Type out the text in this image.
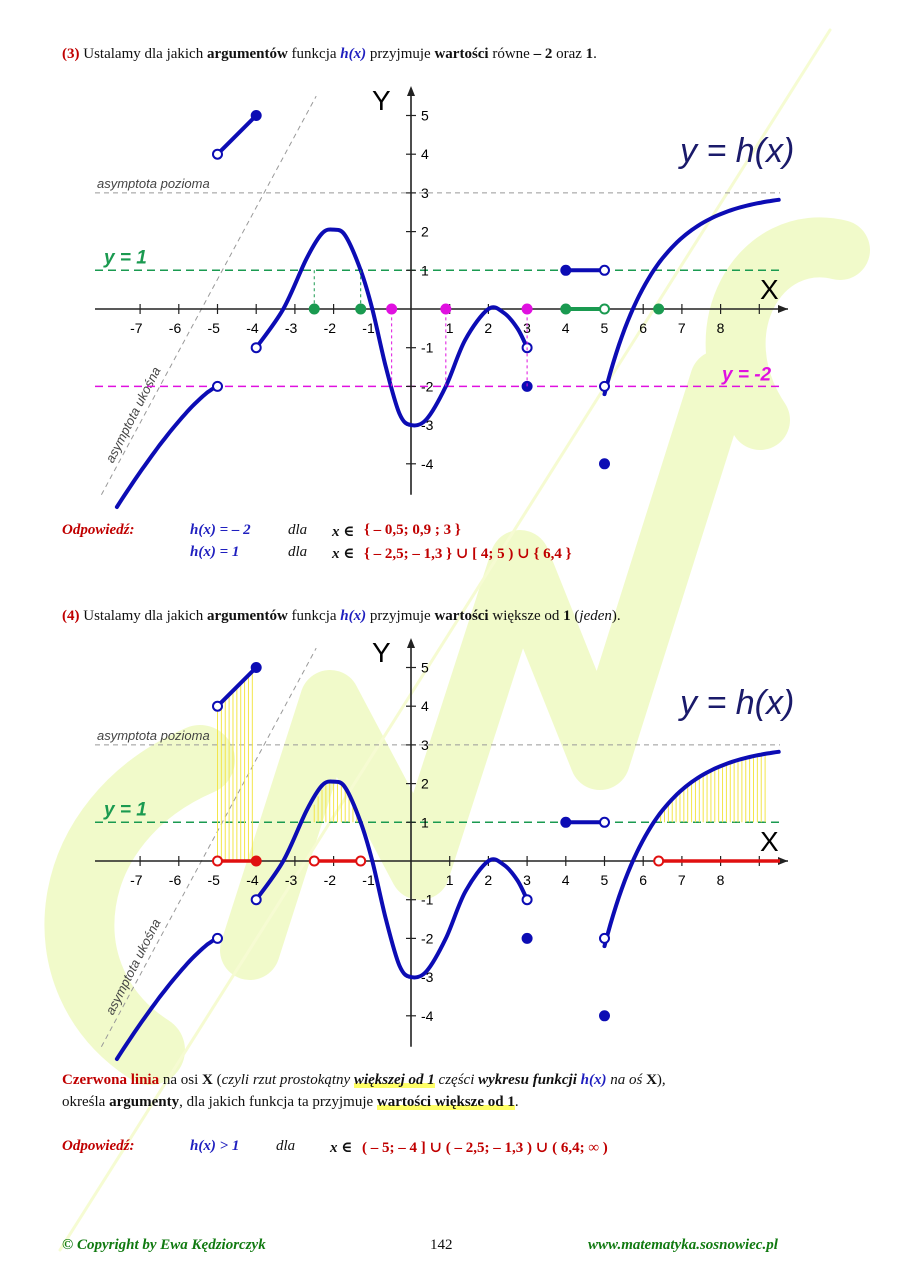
(3) Ustalamy dla jakich argumentów funkcja h(x) przyjmuje wartości równe – 2 oraz 1.
asymptota pozioma
asymptota ukośna
y = 1
y = -2
X
Y
-7 -6 -5 -4 -3 -2 -1	1 2 3 4 5 6 7 8
-4
-3
-2
-1
1
2
3
4
5
y = h(x)
Odpowiedź:	h(x) = – 2 dla x ∈ { – 0,5; 0,9 ; 3 }
h(x) = 1	dla x ∈ { – 2,5; – 1,3 } ∪ [ 4; 5 ) ∪ { 6,4 }
(4) Ustalamy dla jakich argumentów funkcja h(x) przyjmuje wartości większe od 1 (jeden).
asymptota pozioma
asymptota ukośna
y = 1
X
Y
-7 -6 -5 -4 -3 -2 -1	1 2 3 4 5 6 7 8
-4
-3
-2
-1
1
2
3
4
5
y = h(x)
Czerwona linia na osi X (czyli rzut prostokątny większej od 1 części wykresu funkcji h(x) na oś X),
określa argumenty, dla jakich funkcja ta przyjmuje wartości większe od 1.
Odpowiedź:	h(x) > 1 dla x ∈ ( – 5; – 4 ] ∪ ( – 2,5; – 1,3 ) ∪ ( 6,4; ∞ )
© Copyright by Ewa Kędziorczyk	142	www.matematyka.sosnowiec.pl
